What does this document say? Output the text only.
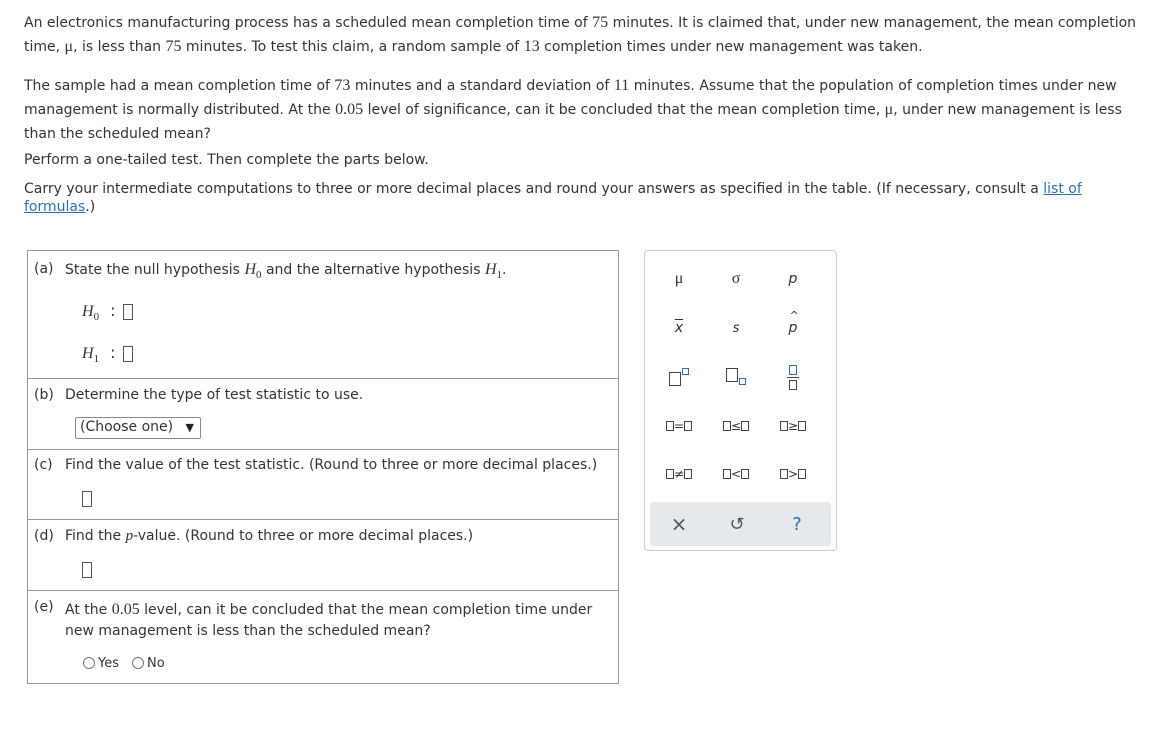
An electronics manufacturing process has a scheduled mean completion time of 75 minutes. It is claimed that, under new management, the mean completion time, μ, is less than 75 minutes. To test this claim, a random sample of 13 completion times under new management was taken.
The sample had a mean completion time of 73 minutes and a standard deviation of 11 minutes. Assume that the population of completion times under new management is normally distributed. At the 0.05 level of significance, can it be concluded that the mean completion time, μ, under new management is less than the scheduled mean?
Perform a one-tailed test. Then complete the parts below.
Carry your intermediate computations to three or more decimal places and round your answers as specified in the table. (If necessary, consult a list of formulas.)
(a) State the null hypothesis $H_0$ and the alternative hypothesis $H_1$.
$H_0$ :
$H_1$ :
(b) Determine the type of test statistic to use.
(Choose one) ▼
(c) Find the value of the test statistic. (Round to three or more decimal places.)
(d) Find the p-value. (Round to three or more decimal places.)
(e) At the 0.05 level, can it be concluded that the mean completion time under
new management is less than the scheduled mean?
Yes	No
μ	σ	p
$\overline{x}$	s
^
p
=	≤	≥
≠	<	>
× ↺	?
